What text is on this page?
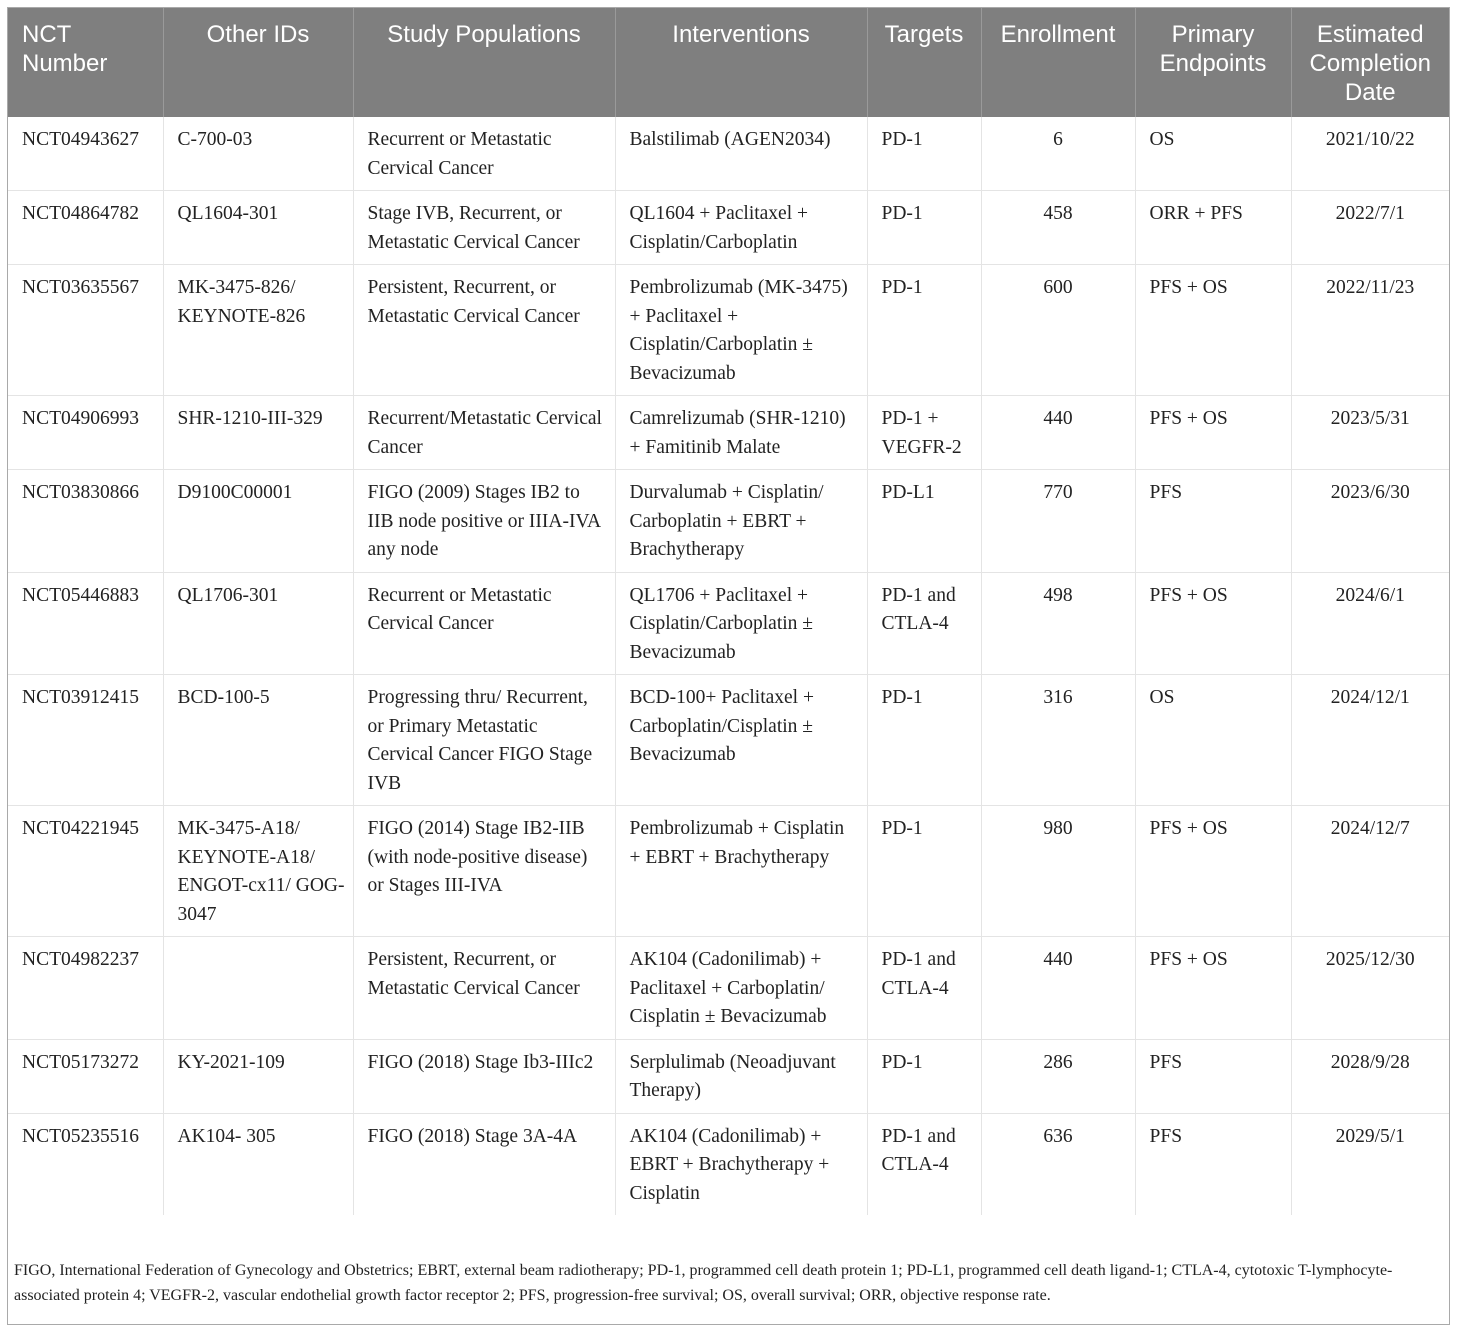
NCT Number	Other IDs	Study Populations	Interventions	Targets	Enrollment	Primary Endpoints	Estimated Completion Date
NCT04943627	C-700-03	Recurrent or Metastatic Cervical Cancer	Balstilimab (AGEN2034)	PD-1	6	OS	2021/10/22
NCT04864782	QL1604-301	Stage IVB, Recurrent, or Metastatic Cervical Cancer	QL1604 + Paclitaxel + Cisplatin/Carboplatin	PD-1	458	ORR + PFS	2022/7/1
NCT03635567	MK-3475-826/ KEYNOTE-826	Persistent, Recurrent, or Metastatic Cervical Cancer	Pembrolizumab (MK-3475) + Paclitaxel + Cisplatin/Carboplatin ± Bevacizumab	PD-1	600	PFS + OS	2022/11/23
NCT04906993	SHR-1210-III-329	Recurrent/Metastatic Cervical Cancer	Camrelizumab (SHR-1210) + Famitinib Malate	PD-1 + VEGFR-2	440	PFS + OS	2023/5/31
NCT03830866	D9100C00001	FIGO (2009) Stages IB2 to IIB node positive or IIIA-IVA any node	Durvalumab + Cisplatin/ Carboplatin + EBRT + Brachytherapy	PD-L1	770	PFS	2023/6/30
NCT05446883	QL1706-301	Recurrent or Metastatic Cervical Cancer	QL1706 + Paclitaxel + Cisplatin/Carboplatin ± Bevacizumab	PD-1 and CTLA-4	498	PFS + OS	2024/6/1
NCT03912415	BCD-100-5	Progressing thru/ Recurrent, or Primary Metastatic Cervical Cancer FIGO Stage IVB	BCD-100+ Paclitaxel + Carboplatin/Cisplatin ± Bevacizumab	PD-1	316	OS	2024/12/1
NCT04221945	MK-3475-A18/ KEYNOTE-A18/ ENGOT-cx11/ GOG-3047	FIGO (2014) Stage IB2-IIB (with node-positive disease) or Stages III-IVA	Pembrolizumab + Cisplatin + EBRT + Brachytherapy	PD-1	980	PFS + OS	2024/12/7
NCT04982237		Persistent, Recurrent, or Metastatic Cervical Cancer	AK104 (Cadonilimab) + Paclitaxel + Carboplatin/ Cisplatin ± Bevacizumab	PD-1 and CTLA-4	440	PFS + OS	2025/12/30
NCT05173272	KY-2021-109	FIGO (2018) Stage Ib3-IIIc2	Serplulimab (Neoadjuvant Therapy)	PD-1	286	PFS	2028/9/28
NCT05235516	AK104- 305	FIGO (2018) Stage 3A-4A	AK104 (Cadonilimab) + EBRT + Brachytherapy + Cisplatin	PD-1 and CTLA-4	636	PFS	2029/5/1
FIGO, International Federation of Gynecology and Obstetrics; EBRT, external beam radiotherapy; PD-1, programmed cell death protein 1; PD-L1, programmed cell death ligand-1; CTLA-4, cytotoxic T-lymphocyte-associated protein 4; VEGFR-2, vascular endothelial growth factor receptor 2; PFS, progression-free survival; OS, overall survival; ORR, objective response rate.
